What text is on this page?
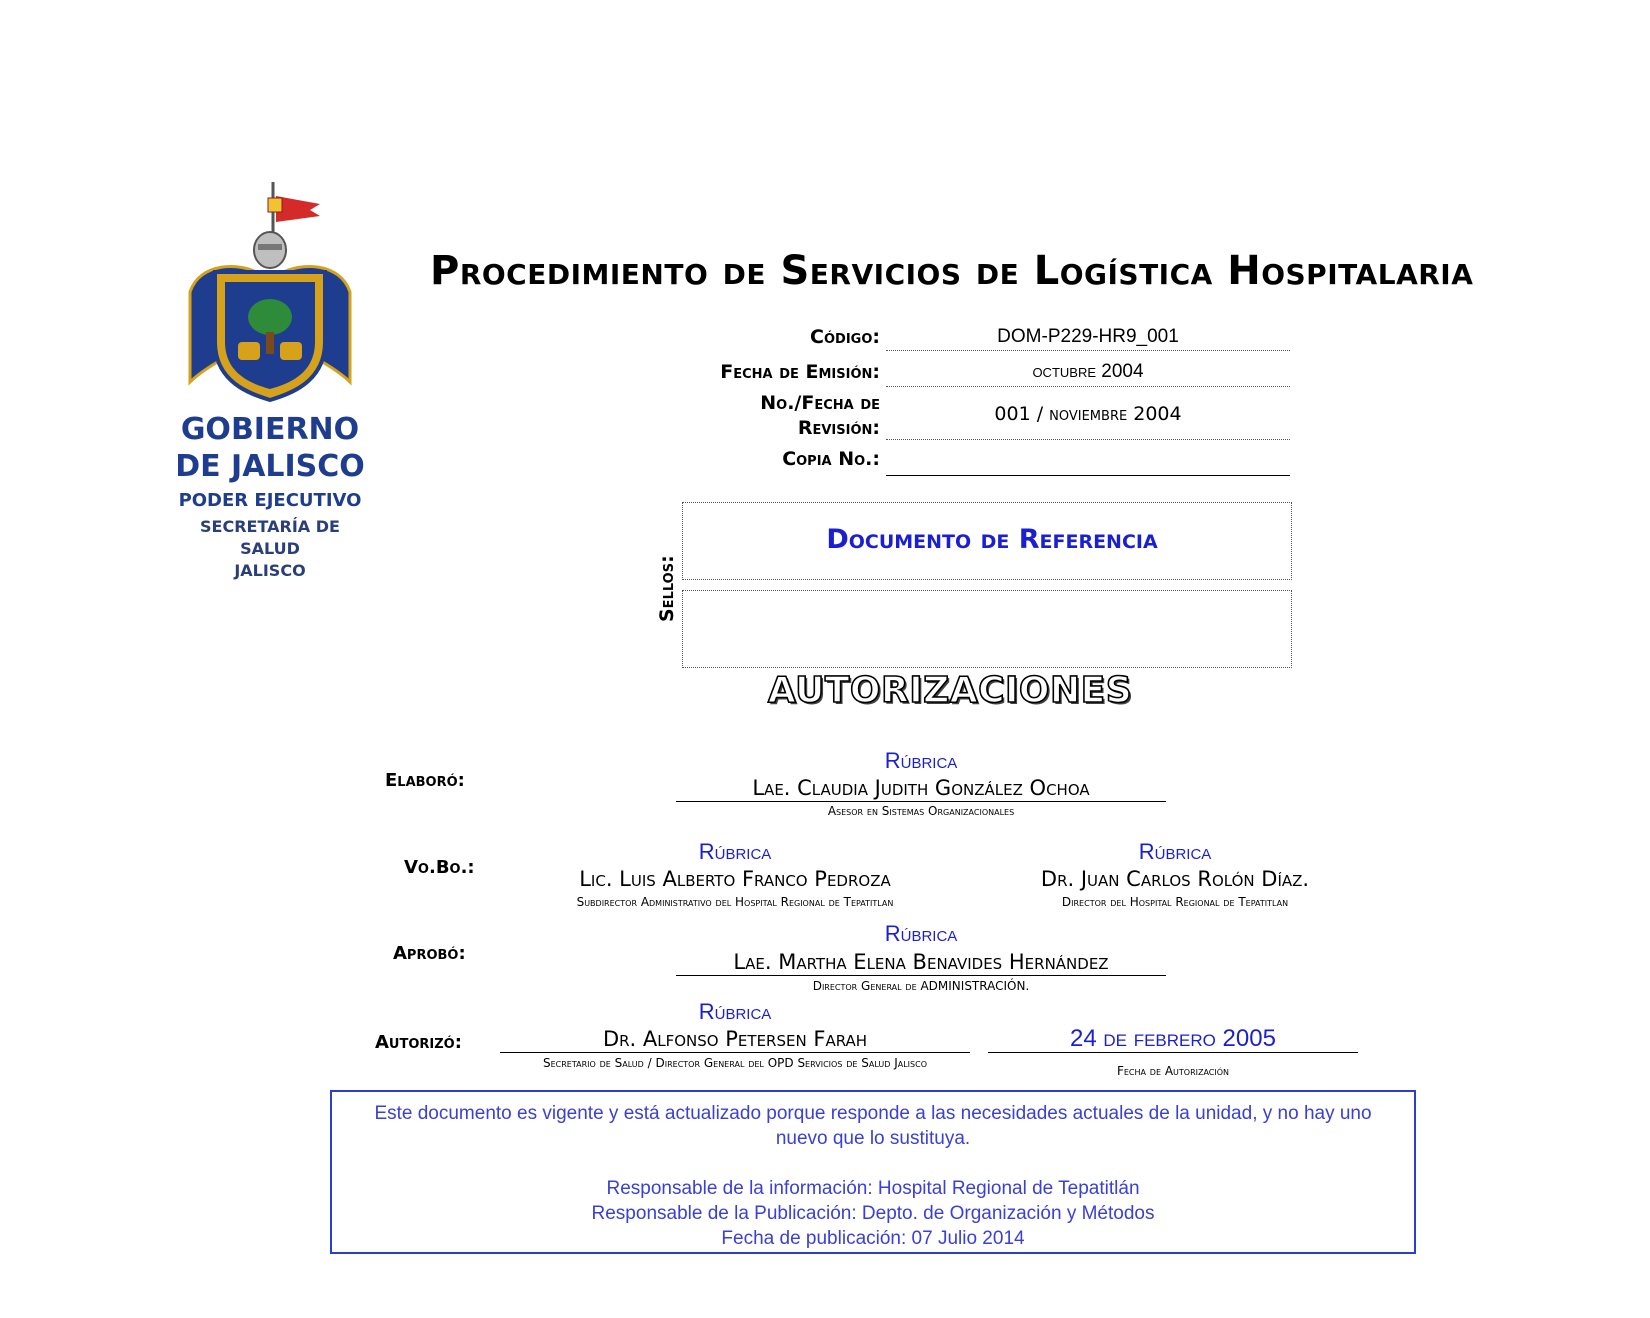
GOBIERNO
DE JALISCO
PODER EJECUTIVO
SECRETARÍA DE
SALUD
JALISCO
Procedimiento de Servicios de Logística Hospitalaria
Código:	DOM-P229-HR9_001
Fecha de Emisión:	octubre 2004
No./Fecha de
Revisión:
001 / noviembre 2004
Copia No.:
Sellos:
Documento de Referencia
AUTORIZACIONES
Elaboró:
Rúbrica
Lae. Claudia Judith González Ochoa
Asesor en Sistemas Organizacionales
Vo.Bo.:
Rúbrica
Lic. Luis Alberto Franco Pedroza
Subdirector Administrativo del Hospital Regional de Tepatitlan
Rúbrica
Dr. Juan Carlos Rolón Díaz.
Director del Hospital Regional de Tepatitlan
Aprobó:
Rúbrica
Lae. Martha Elena Benavides Hernández
Director General de ADMINISTRACIÓN.
Autorizó:
Rúbrica
Dr. Alfonso Petersen Farah
Secretario de Salud / Director General del OPD Servicios de Salud Jalisco
24 de febrero 2005
Fecha de Autorización

Este documento es vigente y está actualizado porque responde a las necesidades actuales de la unidad, y no hay uno nuevo que lo sustituya.

Responsable de la información: Hospital Regional de Tepatitlán

Responsable de la Publicación: Depto. de Organización y Métodos

Fecha de publicación: 07 Julio 2014
